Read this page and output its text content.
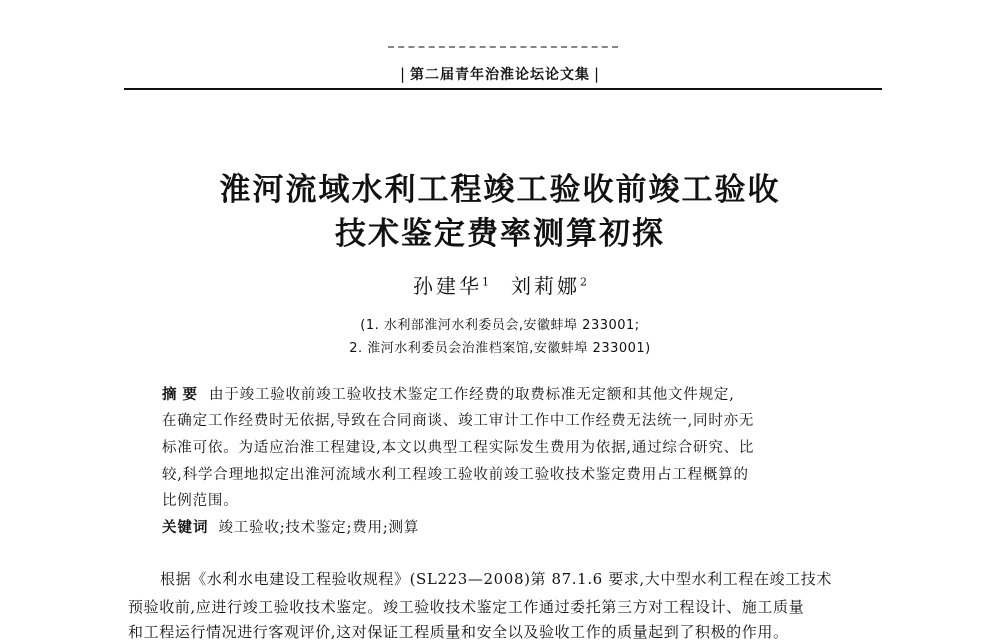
| 第二届青年治淮论坛论文集 |
淮河流域水利工程竣工验收前竣工验收
技术鉴定费率测算初探
孙建华$^1$ 刘莉娜$^2$
(1. 水利部淮河水利委员会,安徽蚌埠 233001;
2. 淮河水利委员会治淮档案馆,安徽蚌埠 233001)
摘要 由于竣工验收前竣工验收技术鉴定工作经费的取费标准无定额和其他文件规定,
在确定工作经费时无依据,导致在合同商谈、竣工审计工作中工作经费无法统一,同时亦无
标准可依。为适应治淮工程建设,本文以典型工程实际发生费用为依据,通过综合研究、比
较,科学合理地拟定出淮河流域水利工程竣工验收前竣工验收技术鉴定费用占工程概算的
比例范围。
关键词 竣工验收;技术鉴定;费用;测算
根据《水利水电建设工程验收规程》(SL223—2008)第 87.1.6 要求,大中型水利工程在竣工技术
预验收前,应进行竣工验收技术鉴定。竣工验收技术鉴定工作通过委托第三方对工程设计、施工质量
和工程运行情况进行客观评价,这对保证工程质量和安全以及验收工作的质量起到了积极的作用。
